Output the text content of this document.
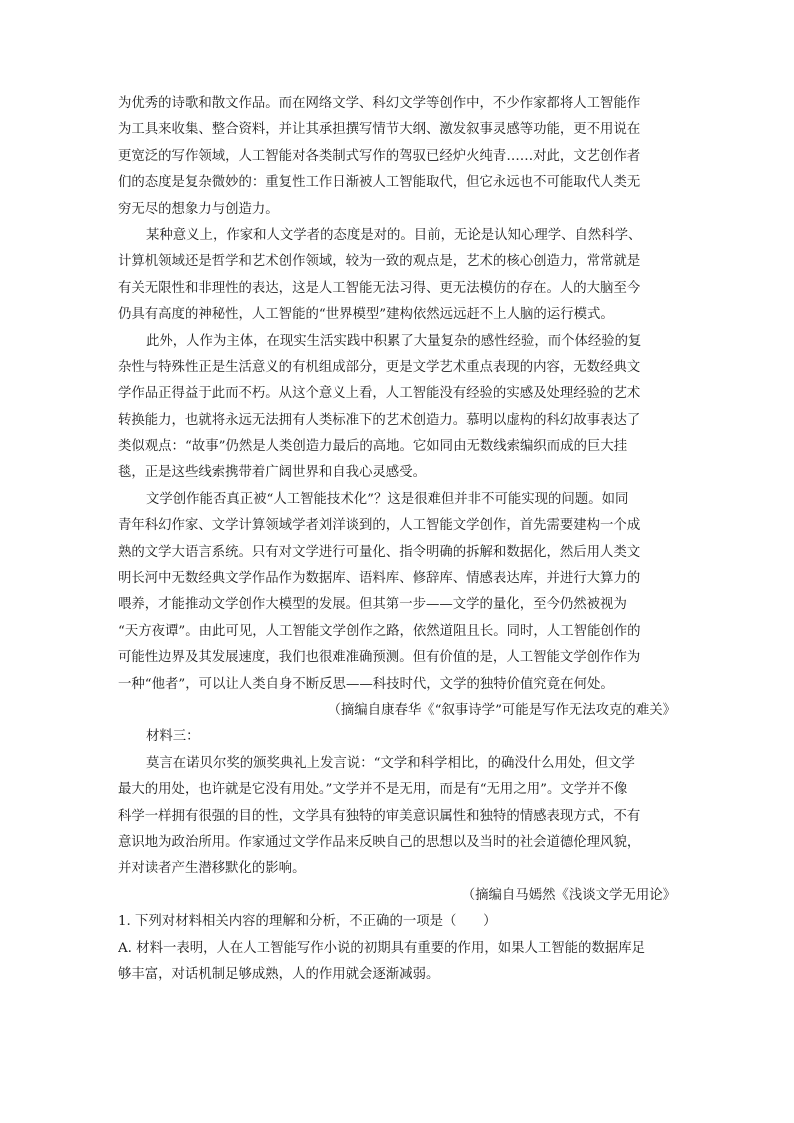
为优秀的诗歌和散文作品。而在网络文学、科幻文学等创作中，不少作家都将人工智能作
为工具来收集、整合资料，并让其承担撰写情节大纲、激发叙事灵感等功能，更不用说在
更宽泛的写作领域，人工智能对各类制式写作的驾驭已经炉火纯青……对此，文艺创作者
们的态度是复杂微妙的：重复性工作日渐被人工智能取代，但它永远也不可能取代人类无
穷无尽的想象力与创造力。
某种意义上，作家和人文学者的态度是对的。目前，无论是认知心理学、自然科学、
计算机领域还是哲学和艺术创作领域，较为一致的观点是，艺术的核心创造力，常常就是
有关无限性和非理性的表达，这是人工智能无法习得、更无法模仿的存在。人的大脑至今
仍具有高度的神秘性，人工智能的“世界模型”建构依然远远赶不上人脑的运行模式。
此外，人作为主体，在现实生活实践中积累了大量复杂的感性经验，而个体经验的复
杂性与特殊性正是生活意义的有机组成部分，更是文学艺术重点表现的内容，无数经典文
学作品正得益于此而不朽。从这个意义上看，人工智能没有经验的实感及处理经验的艺术
转换能力，也就将永远无法拥有人类标准下的艺术创造力。慕明以虚构的科幻故事表达了
类似观点：“故事”仍然是人类创造力最后的高地。它如同由无数线索编织而成的巨大挂
毯，正是这些线索携带着广阔世界和自我心灵感受。
文学创作能否真正被“人工智能技术化”？这是很难但并非不可能实现的问题。如同
青年科幻作家、文学计算领域学者刘洋谈到的，人工智能文学创作，首先需要建构一个成
熟的文学大语言系统。只有对文学进行可量化、指令明确的拆解和数据化，然后用人类文
明长河中无数经典文学作品作为数据库、语料库、修辞库、情感表达库，并进行大算力的
喂养，才能推动文学创作大模型的发展。但其第一步——文学的量化，至今仍然被视为
“天方夜谭”。由此可见，人工智能文学创作之路，依然道阻且长。同时，人工智能创作的
可能性边界及其发展速度，我们也很难准确预测。但有价值的是，人工智能文学创作作为
一种“他者”，可以让人类自身不断反思——科技时代，文学的独特价值究竟在何处。
（摘编自康春华《“叙事诗学”可能是写作无法攻克的难关》
材料三：
莫言在诺贝尔奖的颁奖典礼上发言说：“文学和科学相比，的确没什么用处，但文学
最大的用处，也许就是它没有用处。”文学并不是无用，而是有“无用之用”。文学并不像
科学一样拥有很强的目的性，文学具有独特的审美意识属性和独特的情感表现方式，不有
意识地为政治所用。作家通过文学作品来反映自己的思想以及当时的社会道德伦理风貌，
并对读者产生潜移默化的影响。
（摘编自马嫣然《浅谈文学无用论》
1. 下列对材料相关内容的理解和分析，不正确的一项是（　　）
A. 材料一表明，人在人工智能写作小说的初期具有重要的作用，如果人工智能的数据库足
够丰富，对话机制足够成熟，人的作用就会逐渐减弱。
